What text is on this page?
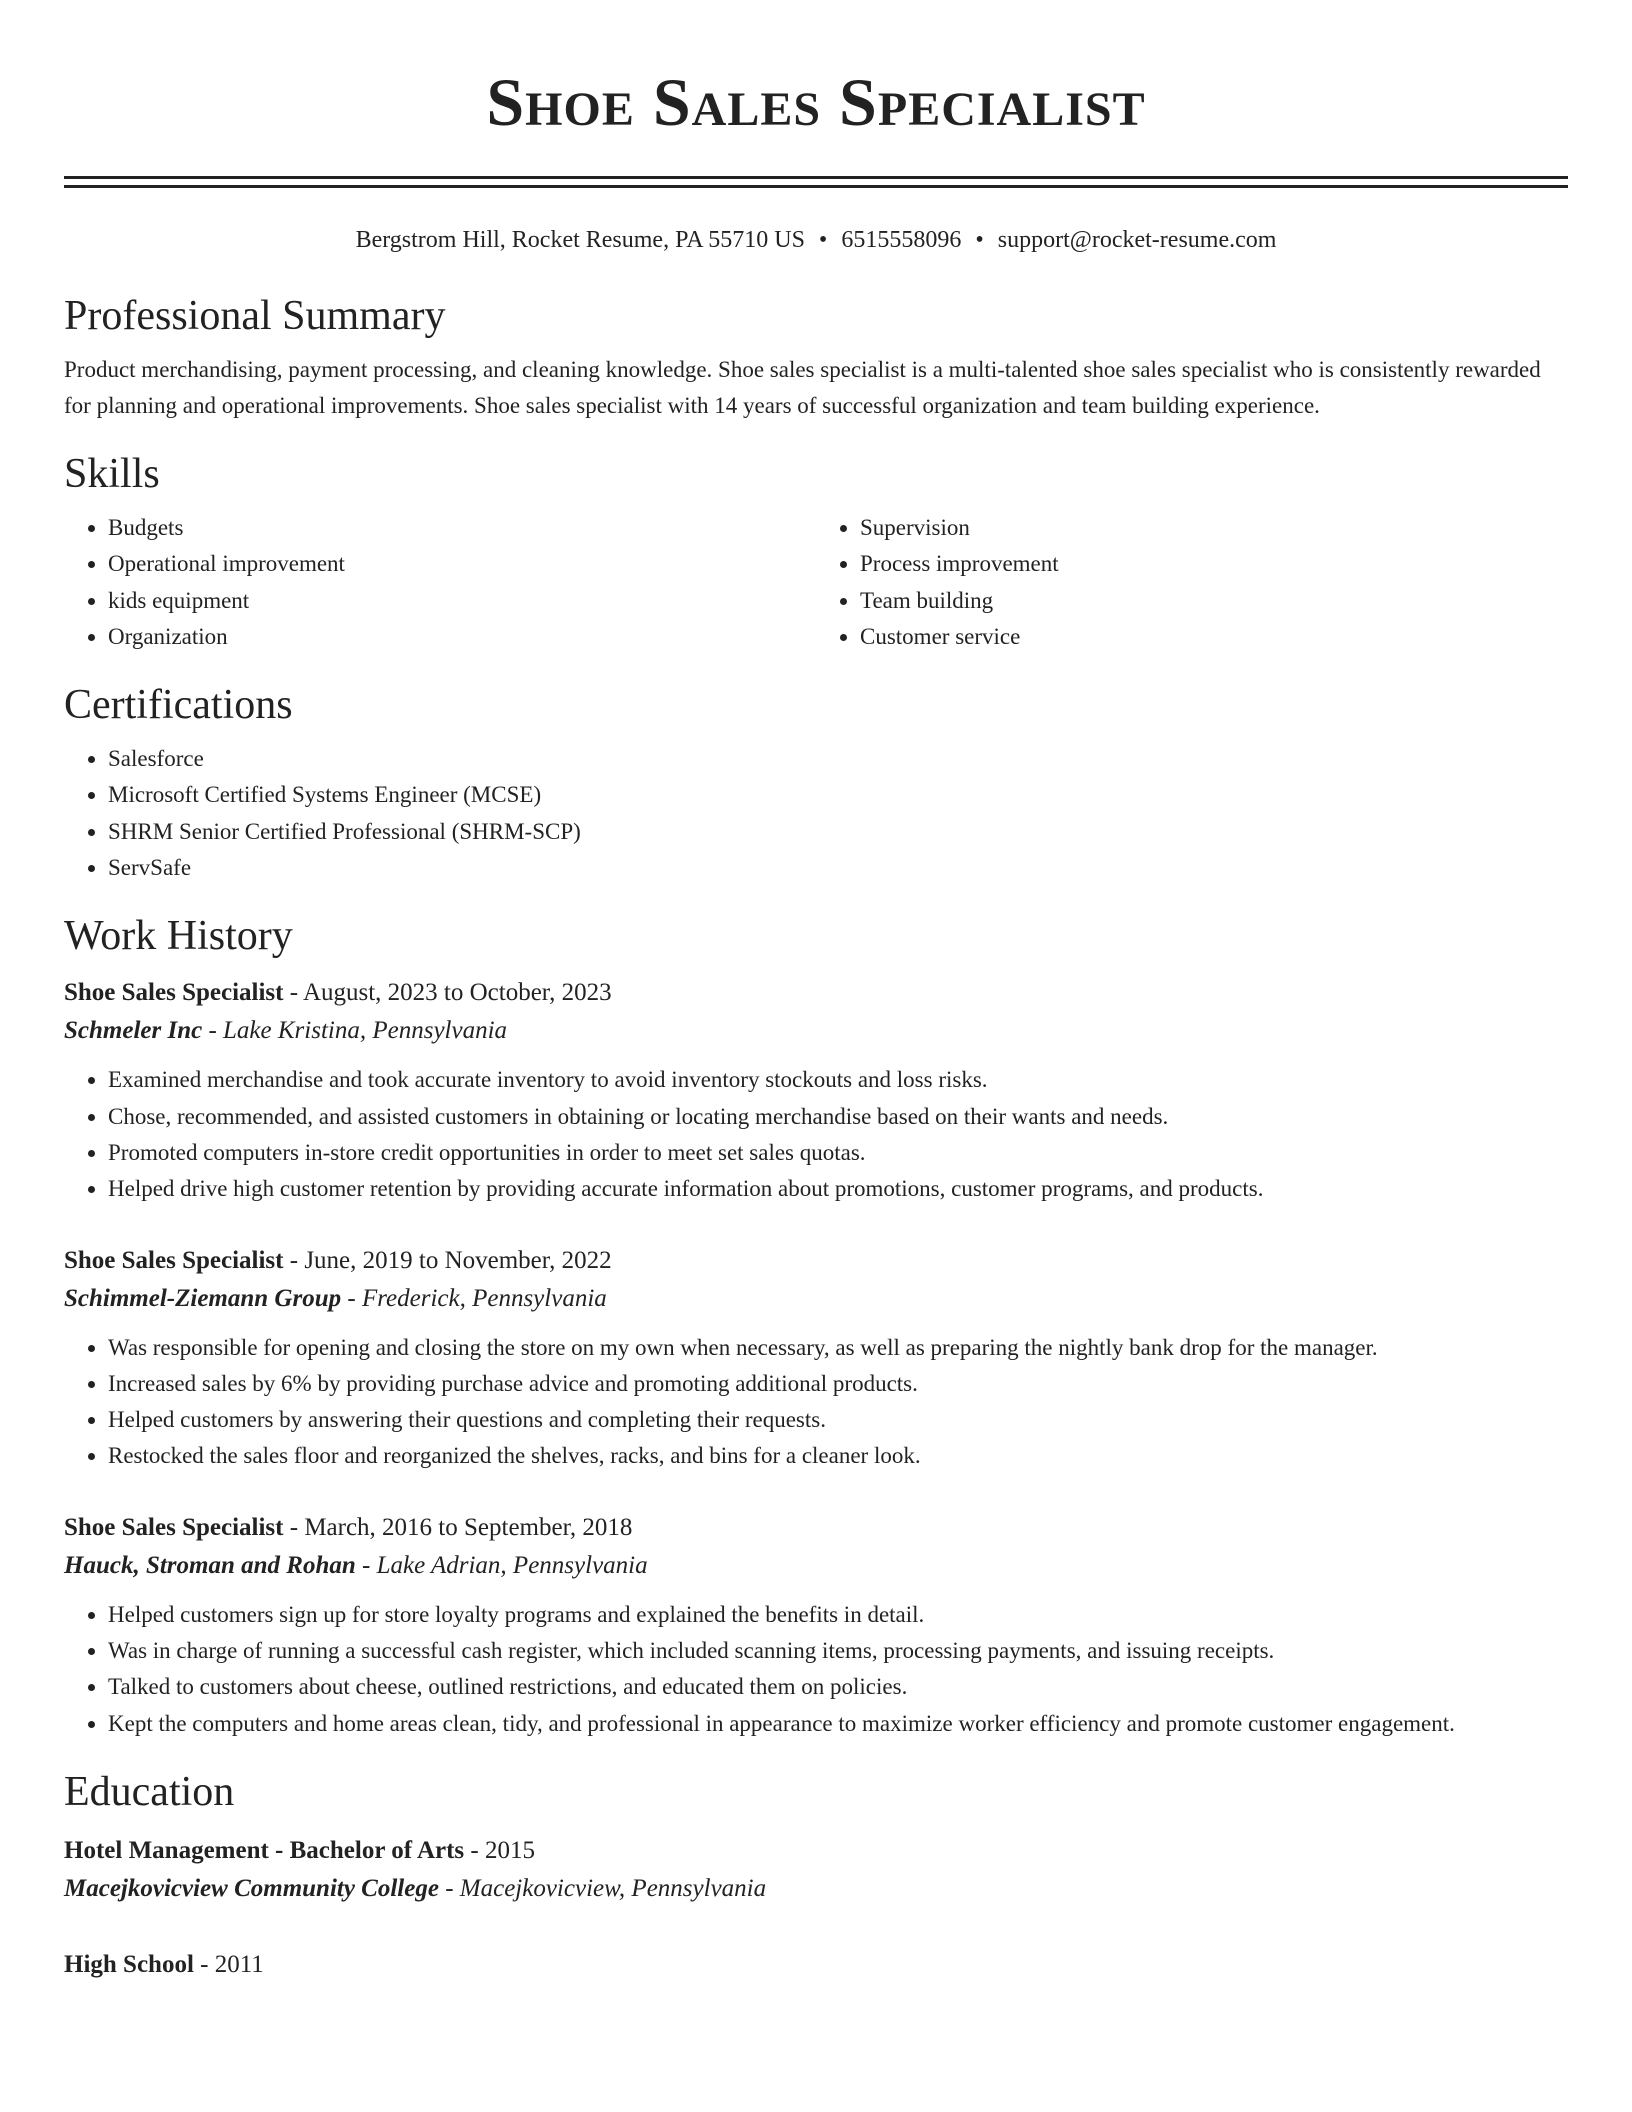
Shoe Sales Specialist
Bergstrom Hill, Rocket Resume, PA 55710 US • 6515558096 • support@rocket-resume.com
Professional Summary

Product merchandising, payment processing, and cleaning knowledge. Shoe sales specialist is a multi-talented shoe sales specialist who is consistently rewarded for planning and operational improvements. Shoe sales specialist with 14 years of successful organization and team building experience.

Skills
• Budgets
• Operational improvement
• kids equipment
• Organization
• Supervision
• Process improvement
• Team building
• Customer service
Certifications
• Salesforce
• Microsoft Certified Systems Engineer (MCSE)
• SHRM Senior Certified Professional (SHRM-SCP)
• ServSafe
Work History
Shoe Sales Specialist - August, 2023 to October, 2023
Schmeler Inc - Lake Kristina, Pennsylvania
• Examined merchandise and took accurate inventory to avoid inventory stockouts and loss risks.
• Chose, recommended, and assisted customers in obtaining or locating merchandise based on their wants and needs.
• Promoted computers in-store credit opportunities in order to meet set sales quotas.
• Helped drive high customer retention by providing accurate information about promotions, customer programs, and products.
Shoe Sales Specialist - June, 2019 to November, 2022
Schimmel-Ziemann Group - Frederick, Pennsylvania
• Was responsible for opening and closing the store on my own when necessary, as well as preparing the nightly bank drop for the manager.
• Increased sales by 6% by providing purchase advice and promoting additional products.
• Helped customers by answering their questions and completing their requests.
• Restocked the sales floor and reorganized the shelves, racks, and bins for a cleaner look.
Shoe Sales Specialist - March, 2016 to September, 2018
Hauck, Stroman and Rohan - Lake Adrian, Pennsylvania
• Helped customers sign up for store loyalty programs and explained the benefits in detail.
• Was in charge of running a successful cash register, which included scanning items, processing payments, and issuing receipts.
• Talked to customers about cheese, outlined restrictions, and educated them on policies.
• Kept the computers and home areas clean, tidy, and professional in appearance to maximize worker efficiency and promote customer engagement.
Education
Hotel Management - Bachelor of Arts - 2015
Macejkovicview Community College - Macejkovicview, Pennsylvania
High School - 2011
